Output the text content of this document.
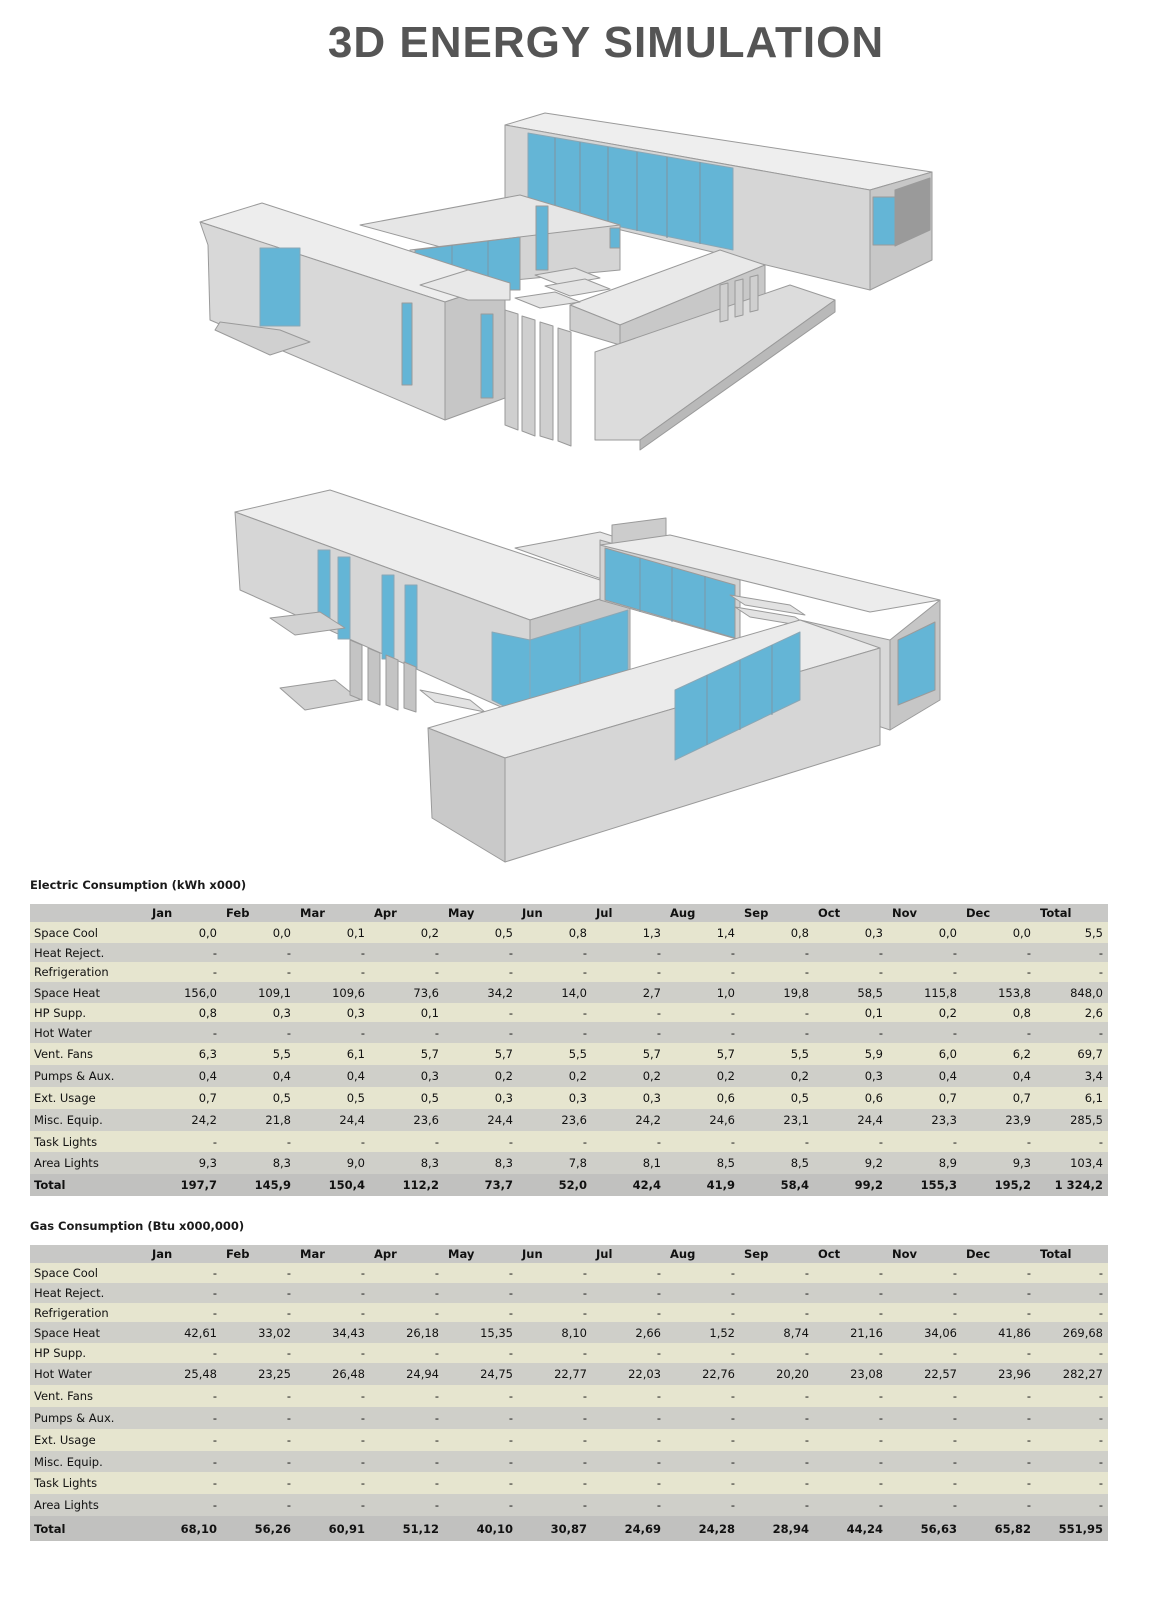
3D ENERGY SIMULATION
Electric Consumption (kWh x000)
	Jan	Feb	Mar	Apr	May	Jun	Jul	Aug	Sep	Oct	Nov	Dec	Total
Space Cool	0,0	0,0	0,1	0,2	0,5	0,8	1,3	1,4	0,8	0,3	0,0	0,0	5,5
Heat Reject.	-	-	-	-	-	-	-	-	-	-	-	-	-
Refrigeration	-	-	-	-	-	-	-	-	-	-	-	-	-
Space Heat	156,0	109,1	109,6	73,6	34,2	14,0	2,7	1,0	19,8	58,5	115,8	153,8	848,0
HP Supp.	0,8	0,3	0,3	0,1	-	-	-	-	-	0,1	0,2	0,8	2,6
Hot Water	-	-	-	-	-	-	-	-	-	-	-	-	-
Vent. Fans	6,3	5,5	6,1	5,7	5,7	5,5	5,7	5,7	5,5	5,9	6,0	6,2	69,7
Pumps & Aux.	0,4	0,4	0,4	0,3	0,2	0,2	0,2	0,2	0,2	0,3	0,4	0,4	3,4
Ext. Usage	0,7	0,5	0,5	0,5	0,3	0,3	0,3	0,6	0,5	0,6	0,7	0,7	6,1
Misc. Equip.	24,2	21,8	24,4	23,6	24,4	23,6	24,2	24,6	23,1	24,4	23,3	23,9	285,5
Task Lights	-	-	-	-	-	-	-	-	-	-	-	-	-
Area Lights	9,3	8,3	9,0	8,3	8,3	7,8	8,1	8,5	8,5	9,2	8,9	9,3	103,4
Total	197,7	145,9	150,4	112,2	73,7	52,0	42,4	41,9	58,4	99,2	155,3	195,2	1 324,2
Gas Consumption (Btu x000,000)
	Jan	Feb	Mar	Apr	May	Jun	Jul	Aug	Sep	Oct	Nov	Dec	Total
Space Cool	-	-	-	-	-	-	-	-	-	-	-	-	-
Heat Reject.	-	-	-	-	-	-	-	-	-	-	-	-	-
Refrigeration	-	-	-	-	-	-	-	-	-	-	-	-	-
Space Heat	42,61	33,02	34,43	26,18	15,35	8,10	2,66	1,52	8,74	21,16	34,06	41,86	269,68
HP Supp.	-	-	-	-	-	-	-	-	-	-	-	-	-
Hot Water	25,48	23,25	26,48	24,94	24,75	22,77	22,03	22,76	20,20	23,08	22,57	23,96	282,27
Vent. Fans	-	-	-	-	-	-	-	-	-	-	-	-	-
Pumps & Aux.	-	-	-	-	-	-	-	-	-	-	-	-	-
Ext. Usage	-	-	-	-	-	-	-	-	-	-	-	-	-
Misc. Equip.	-	-	-	-	-	-	-	-	-	-	-	-	-
Task Lights	-	-	-	-	-	-	-	-	-	-	-	-	-
Area Lights	-	-	-	-	-	-	-	-	-	-	-	-	-
Total	68,10	56,26	60,91	51,12	40,10	30,87	24,69	24,28	28,94	44,24	56,63	65,82	551,95
